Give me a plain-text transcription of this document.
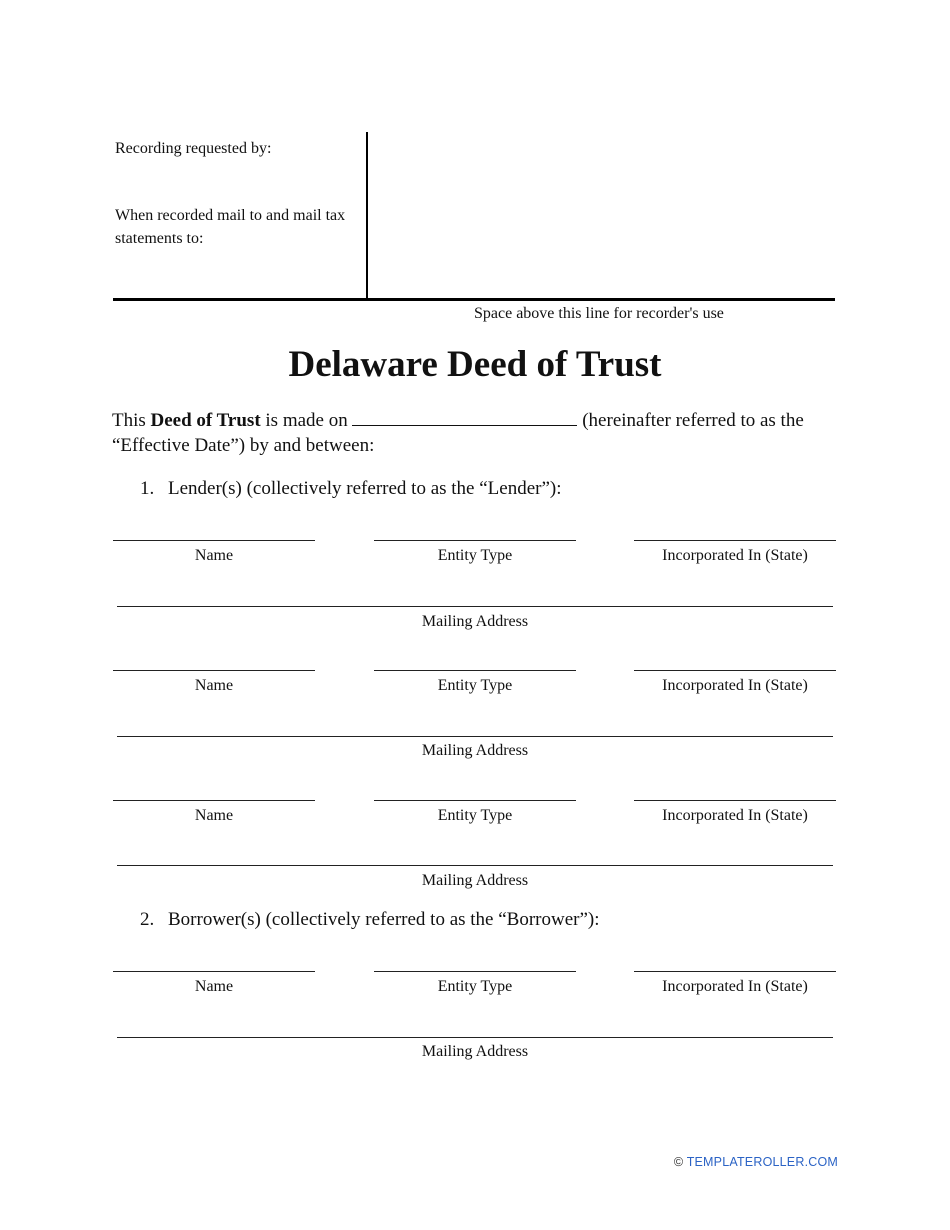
Recording requested by:
When recorded mail to and mail tax
statements to:
Space above this line for recorder's use
Delaware Deed of Trust
This Deed of Trust is made on	(hereinafter referred to as the
“Effective Date”) by and between:
1. Lender(s) (collectively referred to as the “Lender”):
Name	Entity Type	Incorporated In (State)
Mailing Address
Name	Entity Type	Incorporated In (State)
Mailing Address
Name	Entity Type	Incorporated In (State)
Mailing Address
2. Borrower(s) (collectively referred to as the “Borrower”):
Name	Entity Type	Incorporated In (State)
Mailing Address
© TEMPLATEROLLER.COM
